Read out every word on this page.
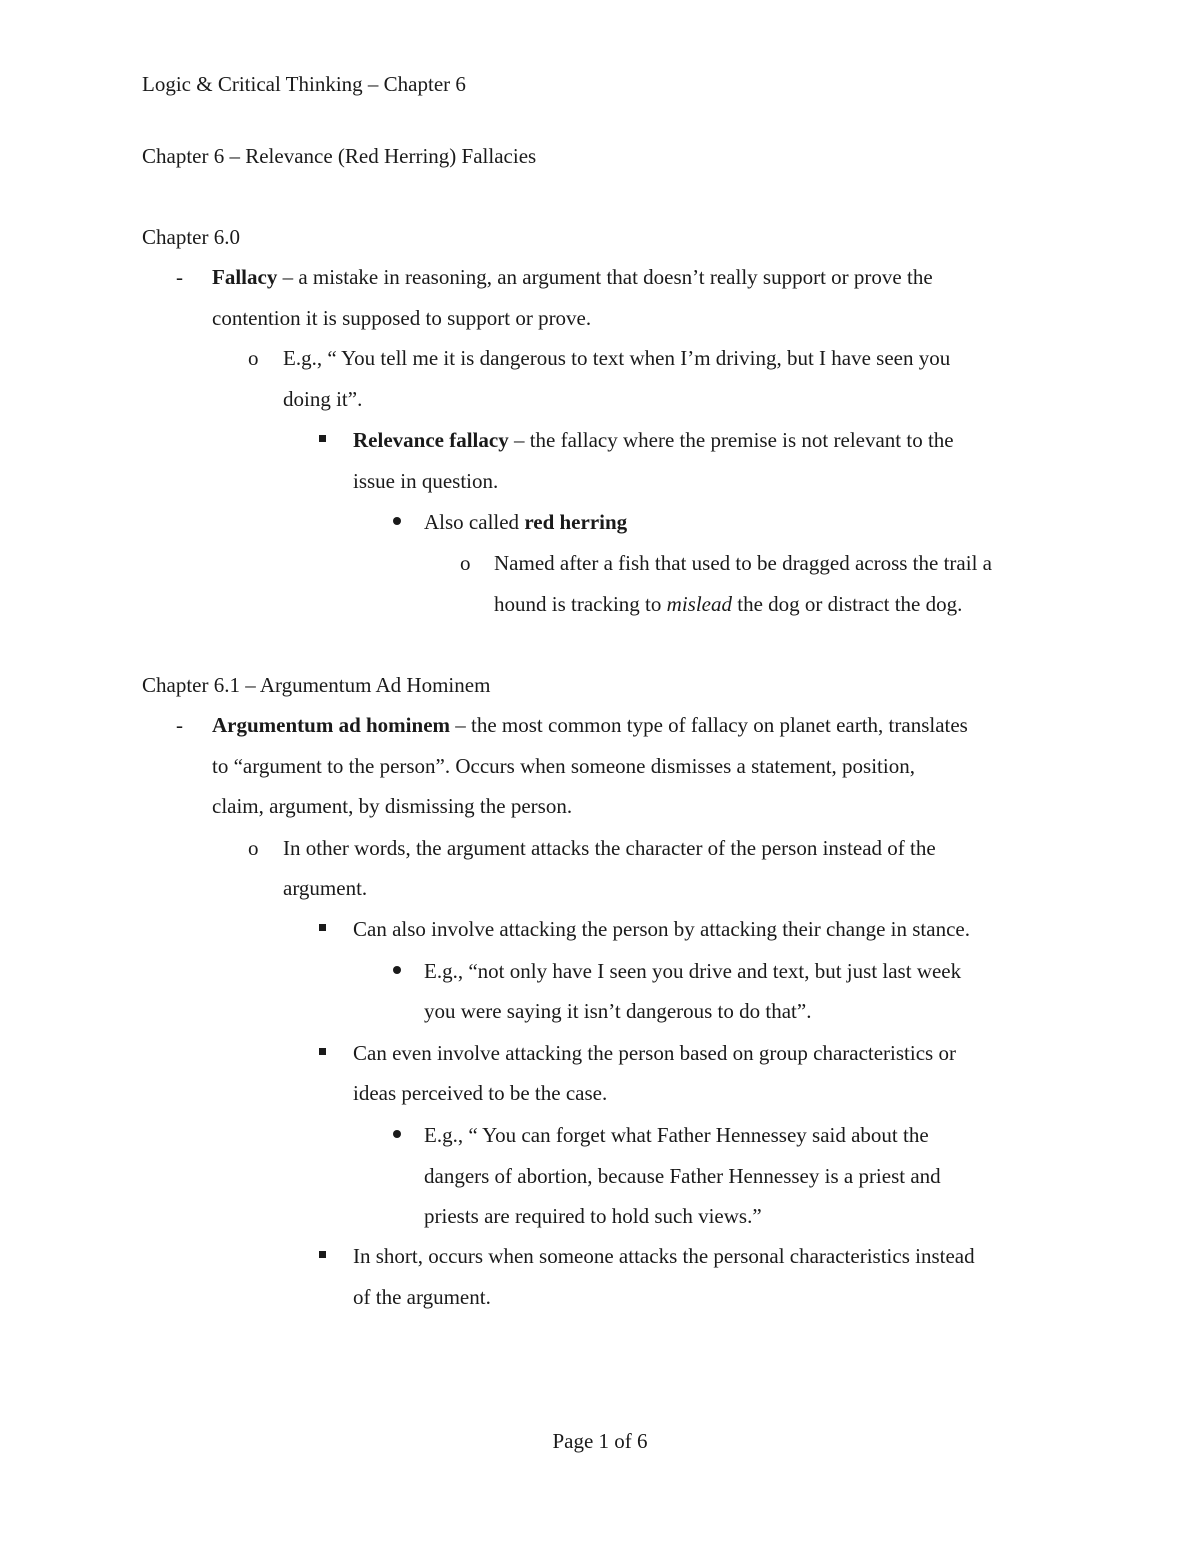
Logic & Critical Thinking – Chapter 6
Chapter 6 – Relevance (Red Herring) Fallacies
Chapter 6.0
- Fallacy – a mistake in reasoning, an argument that doesn’t really support or prove the
contention it is supposed to support or prove.
o E.g., “ You tell me it is dangerous to text when I’m driving, but I have seen you
doing it”.
Relevance fallacy – the fallacy where the premise is not relevant to the
issue in question.
Also called red herring
o Named after a fish that used to be dragged across the trail a
hound is tracking to mislead the dog or distract the dog.
Chapter 6.1 – Argumentum Ad Hominem
- Argumentum ad hominem – the most common type of fallacy on planet earth, translates
to “argument to the person”. Occurs when someone dismisses a statement, position,
claim, argument, by dismissing the person.
o In other words, the argument attacks the character of the person instead of the
argument.
Can also involve attacking the person by attacking their change in stance.
E.g., “not only have I seen you drive and text, but just last week
you were saying it isn’t dangerous to do that”.
Can even involve attacking the person based on group characteristics or
ideas perceived to be the case.
E.g., “ You can forget what Father Hennessey said about the
dangers of abortion, because Father Hennessey is a priest and
priests are required to hold such views.”
In short, occurs when someone attacks the personal characteristics instead
of the argument.
Page 1 of 6
